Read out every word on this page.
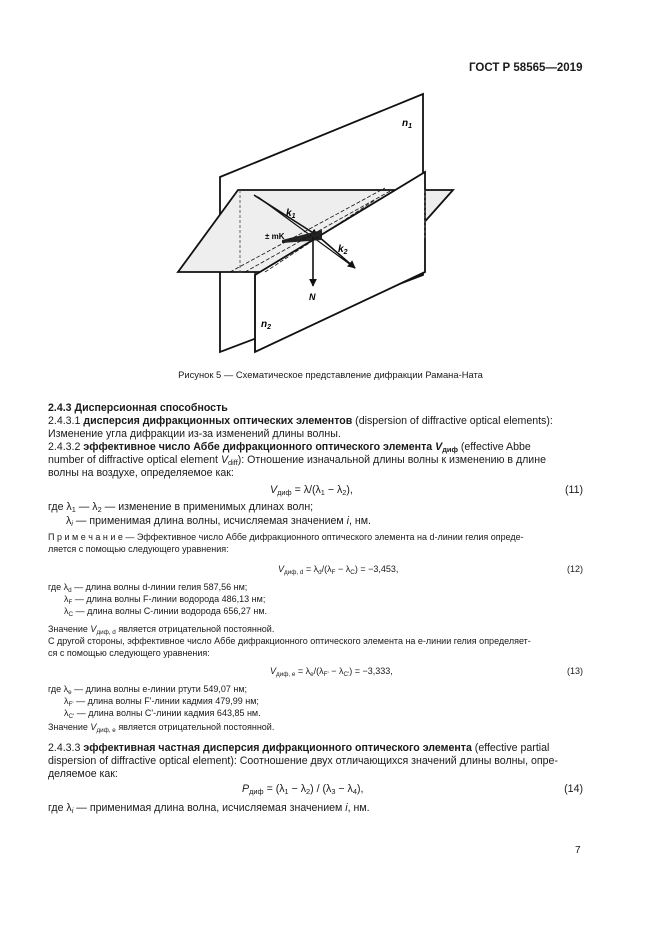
ГОСТ Р 58565—2019
$n_1$
$k_1$
± mK
$k_2$
N
$n_2$
Рисунок 5 — Схематическое представление дифракции Рамана-Ната
2.4.3 Дисперсионная способность
2.4.3.1 дисперсия дифракционных оптических элементов (dispersion of diffractive optical elements):
Изменение угла дифракции из-за изменений длины волны.
2.4.3.2 эффективное число Аббе дифракционного оптического элемента $V_{диф}$ (effective Abbe
number of diffractive optical element $V_{diff}$): Отношение изначальной длины волны к изменению в длине
волны на воздухе, определяемое как:
$V_{диф} = \lambda/(\lambda_1 - \lambda_2)$,	(11)
где $\lambda_1$ — $\lambda_2$ — изменение в применимых длинах волн;
$\lambda_i$ — применимая длина волны, исчисляемая значением i, нм.
П р и м е ч а н и е — Эффективное число Аббе дифракционного оптического элемента на d-линии гелия опреде-
ляется с помощью следующего уравнения:
$V_{диф, d} = \lambda_d/(\lambda_F - \lambda_C) = -3,453$,	(12)
где $\lambda_d$ — длина волны d-линии гелия 587,56 нм;
$\lambda_F$ — длина волны F-линии водорода 486,13 нм;
$\lambda_C$ — длина волны C-линии водорода 656,27 нм.
Значение $V_{диф, d}$ является отрицательной постоянной.
С другой стороны, эффективное число Аббе дифракционного оптического элемента на e-линии гелия определяет-
ся с помощью следующего уравнения:
$V_{диф, e} = \lambda_e/(\lambda_{F'} - \lambda_{C'}) = -3,333$,	(13)
где $\lambda_e$ — длина волны e-линии ртути 549,07 нм;
$\lambda_{F'}$ — длина волны F'-линии кадмия 479,99 нм;
$\lambda_{C'}$ — длина волны C'-линии кадмия 643,85 нм.
Значение $V_{диф, e}$ является отрицательной постоянной.
2.4.3.3 эффективная частная дисперсия дифракционного оптического элемента (effective partial
dispersion of diffractive optical element): Соотношение двух отличающихся значений длины волны, опре-
деляемое как:
$P_{диф} = (\lambda_1 - \lambda_2) / (\lambda_3 - \lambda_4)$,	(14)
где $\lambda_i$ — применимая длина волна, исчисляемая значением i, нм.
7
